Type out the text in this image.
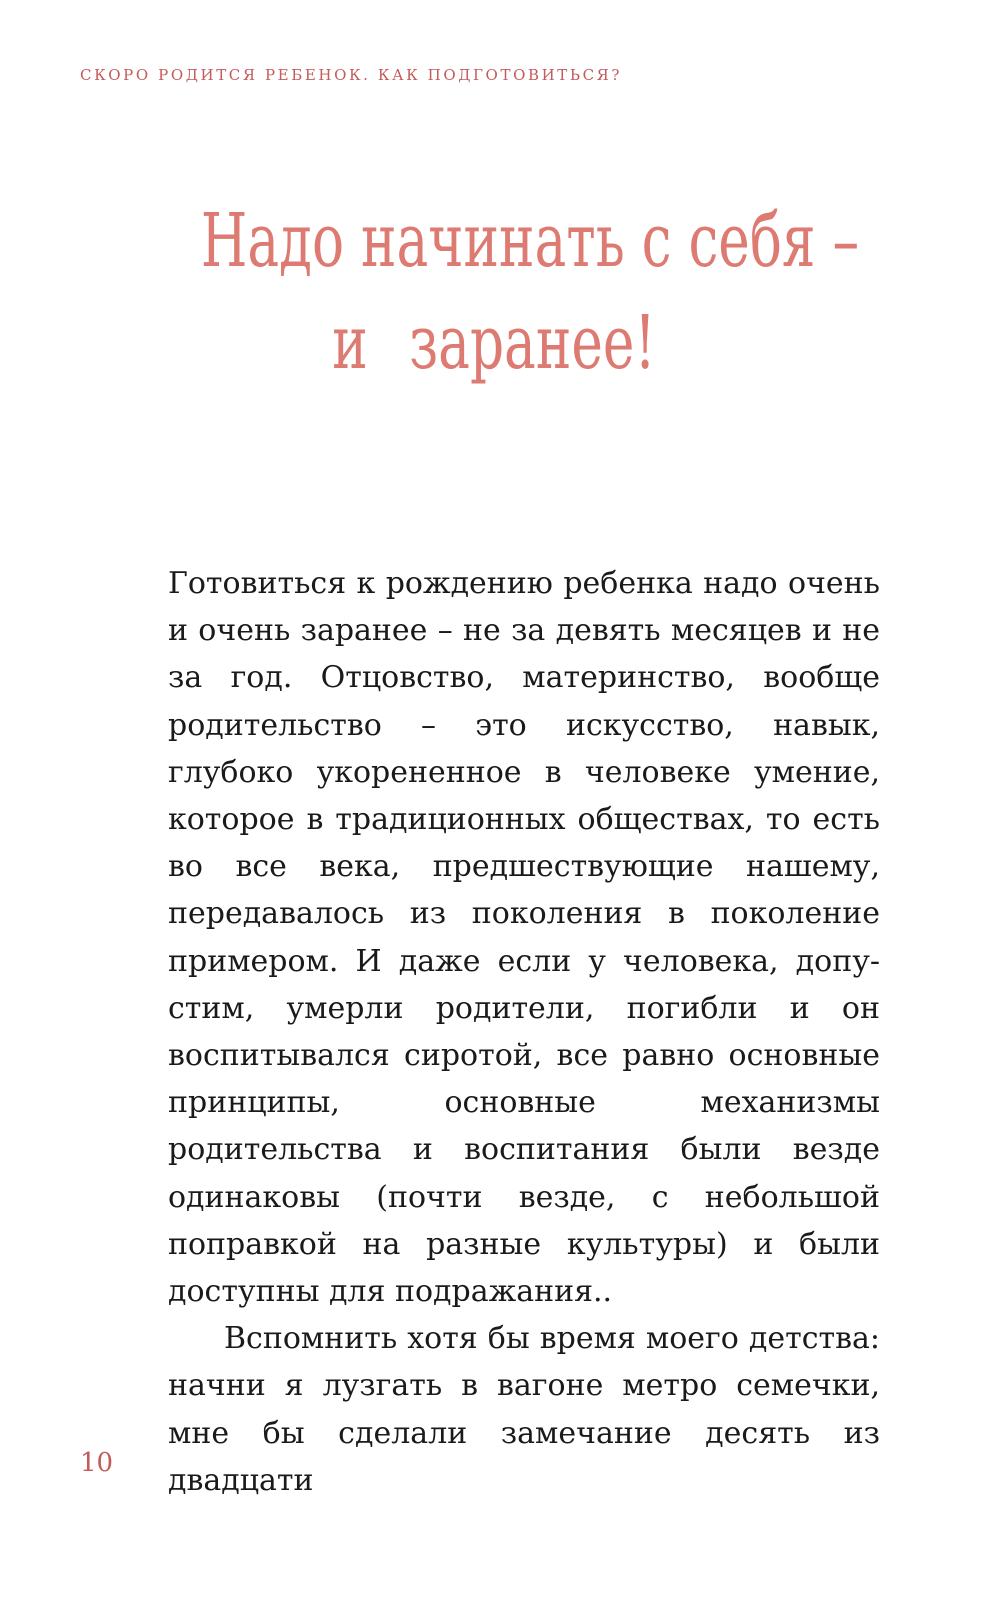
СКОРО РОДИТСЯ РЕБЕНОК. КАК ПОДГОТОВИТЬСЯ?
Надо начинать с себя –
и заранее!

Готовиться к рождению ребенка надо очень и очень заранее – не за девять месяцев и не за год. Отцовство, материнство, вообще родительство – это искусство, навык, глубоко укорененное в человеке умение, которое в традиционных обществах, то есть во все века, предшествующие нашему, передавалось из поколения в поколение примером. И даже если у человека, допустим, умерли родители, погибли и он воспитывался сиротой, все равно основные принципы, основные механизмы родительства и воспитания были везде одинаковы (почти везде, с небольшой поправкой на разные культуры) и были доступны для подражания..

Вспомнить хотя бы время моего детства: начни я лузгать в вагоне метро семечки, мне бы сделали замечание десять из двадцати

10
